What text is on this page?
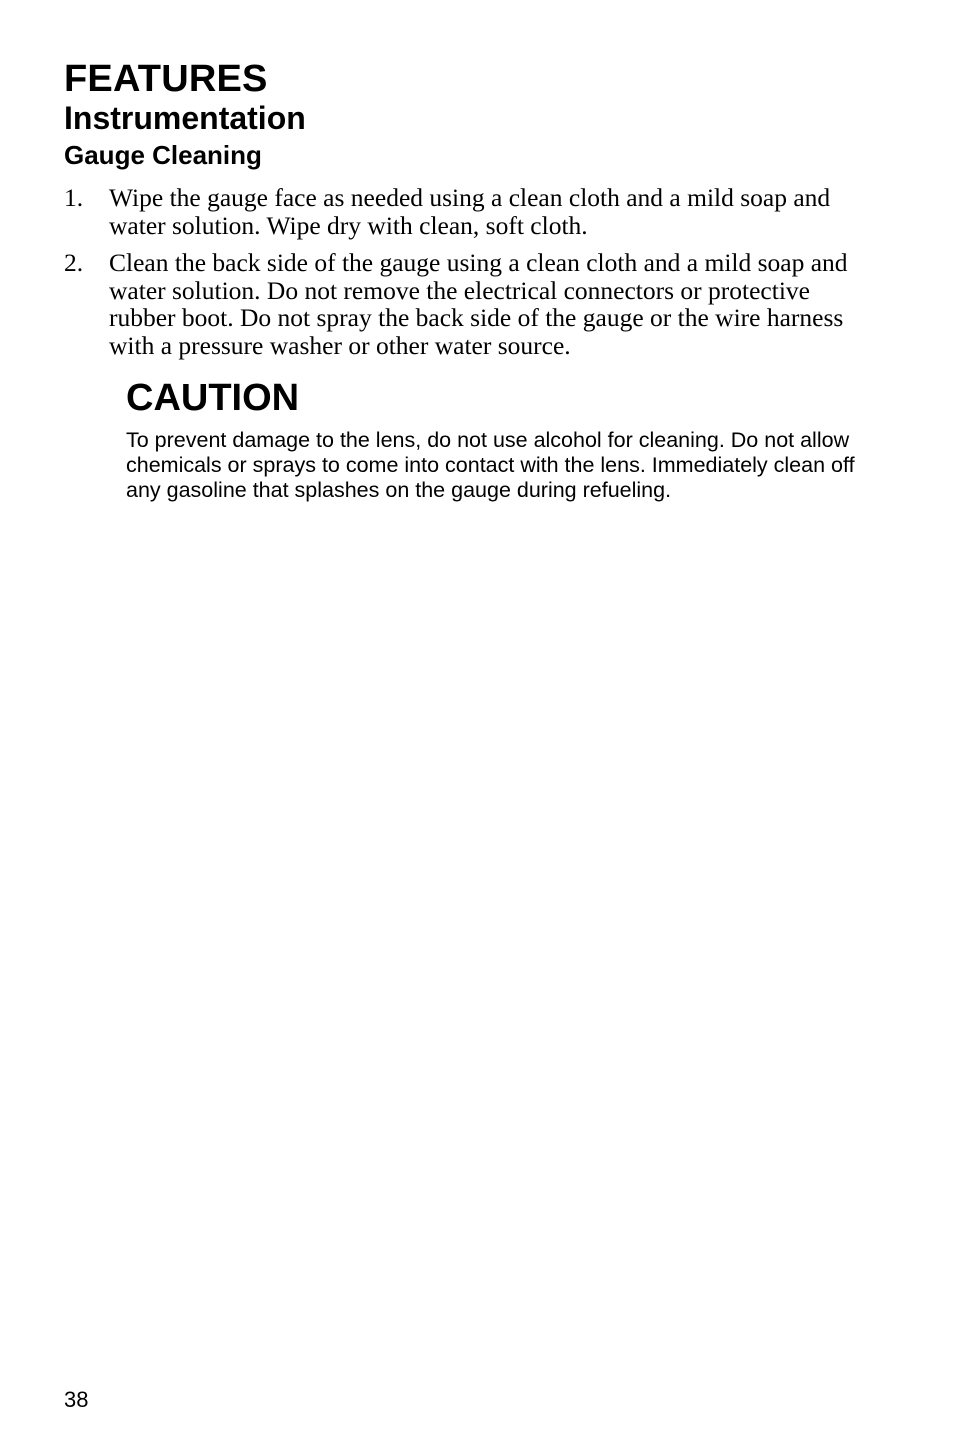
FEATURES
Instrumentation
Gauge Cleaning
1.	Wipe the gauge face as needed using a clean cloth and a mild soap and water solution. Wipe dry with clean, soft cloth.
2.	Clean the back side of the gauge using a clean cloth and a mild soap and water solution. Do not remove the electrical connectors or protective rubber boot. Do not spray the back side of the gauge or the wire harness with a pressure washer or other water source.
CAUTION

To prevent damage to the lens, do not use alcohol for cleaning. Do not allow chemicals or sprays to come into contact with the lens. Immediately clean off any gasoline that splashes on the gauge during refueling.

38
